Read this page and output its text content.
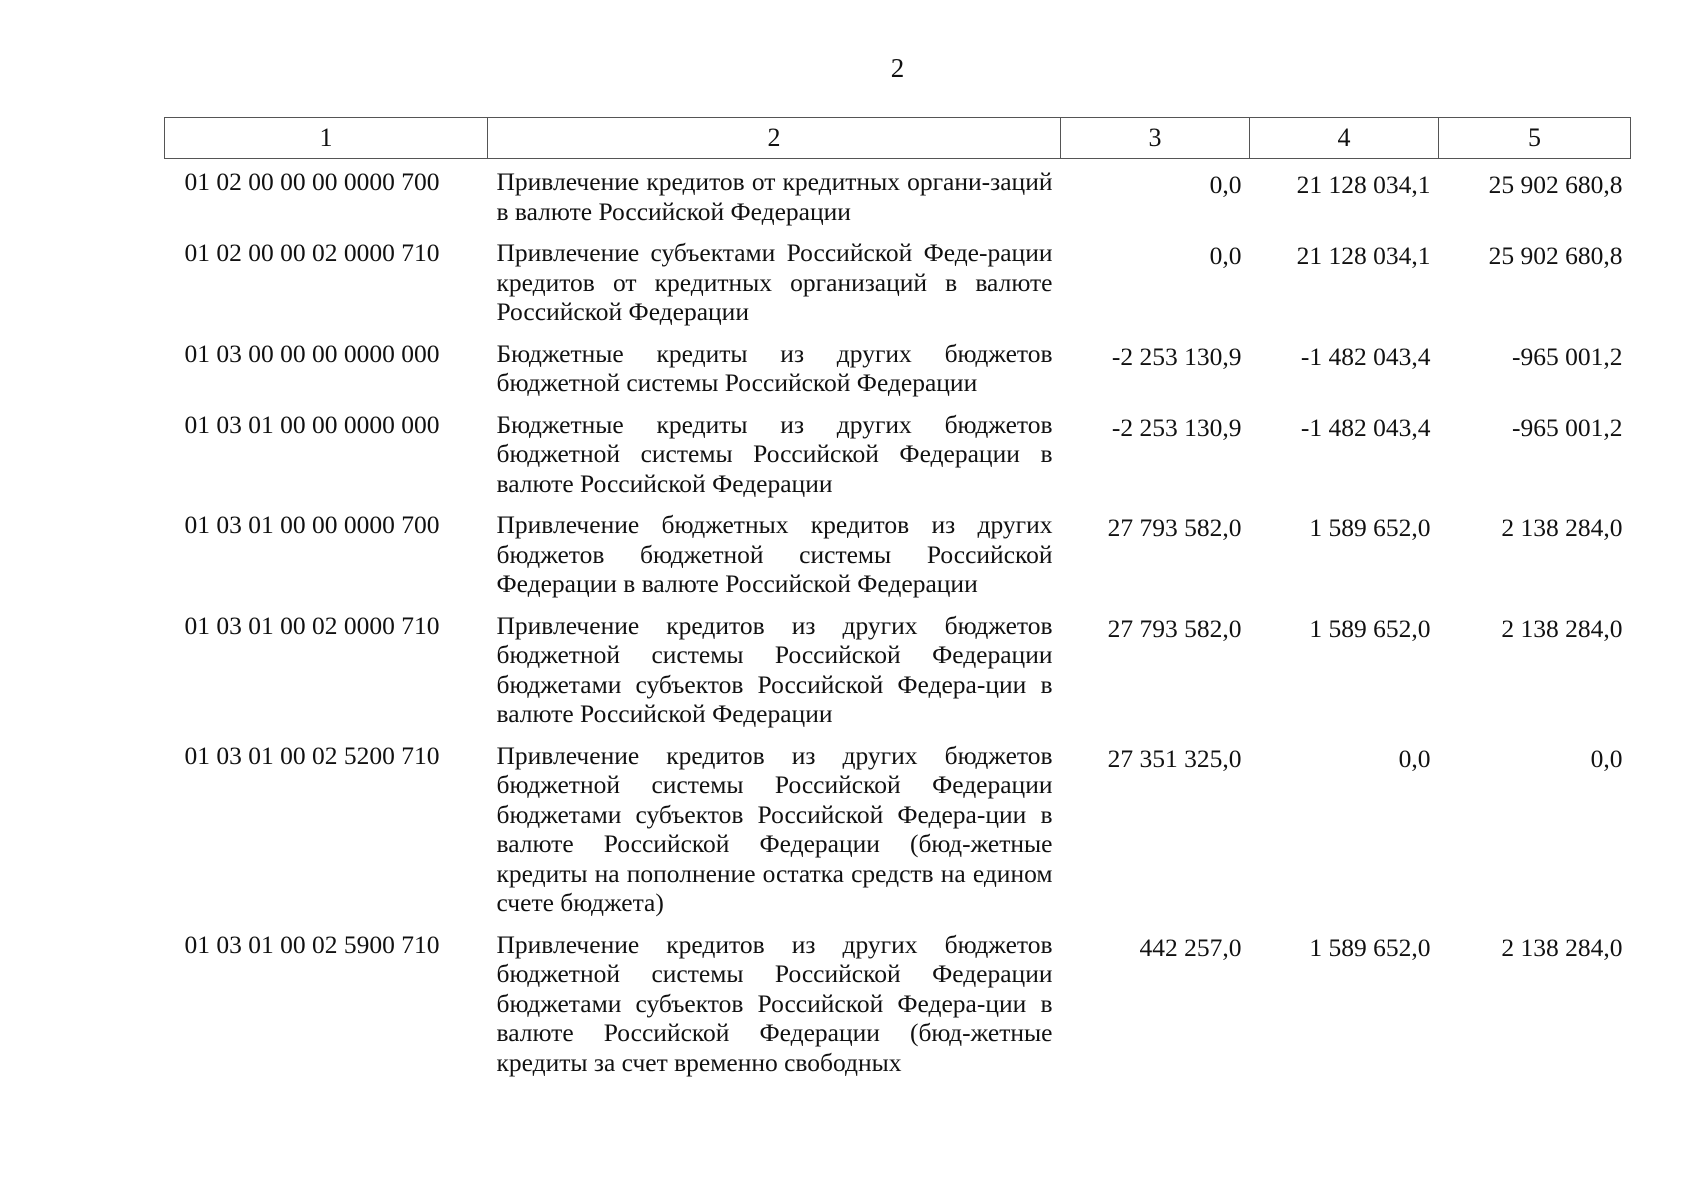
2
1	2	3	4	5
01 02 00 00 00 0000 700	Привлечение кредитов от кредитных органи-заций в валюте Российской Федерации	0,0	21 128 034,1	25 902 680,8
01 02 00 00 02 0000 710	Привлечение субъектами Российской Феде-рации кредитов от кредитных организаций в валюте Российской Федерации	0,0	21 128 034,1	25 902 680,8
01 03 00 00 00 0000 000	Бюджетные кредиты из других бюджетов бюджетной системы Российской Федерации	-2 253 130,9	-1 482 043,4	-965 001,2
01 03 01 00 00 0000 000	Бюджетные кредиты из других бюджетов бюджетной системы Российской Федерации в валюте Российской Федерации	-2 253 130,9	-1 482 043,4	-965 001,2
01 03 01 00 00 0000 700	Привлечение бюджетных кредитов из других бюджетов бюджетной системы Российской Федерации в валюте Российской Федерации	27 793 582,0	1 589 652,0	2 138 284,0
01 03 01 00 02 0000 710	Привлечение кредитов из других бюджетов бюджетной системы Российской Федерации бюджетами субъектов Российской Федера-ции в валюте Российской Федерации	27 793 582,0	1 589 652,0	2 138 284,0
01 03 01 00 02 5200 710	Привлечение кредитов из других бюджетов бюджетной системы Российской Федерации бюджетами субъектов Российской Федера-ции в валюте Российской Федерации (бюд-жетные кредиты на пополнение остатка средств на едином счете бюджета)	27 351 325,0	0,0	0,0
01 03 01 00 02 5900 710	Привлечение кредитов из других бюджетов бюджетной системы Российской Федерации бюджетами субъектов Российской Федера-ции в валюте Российской Федерации (бюд-жетные кредиты за счет временно свободных	442 257,0	1 589 652,0	2 138 284,0
